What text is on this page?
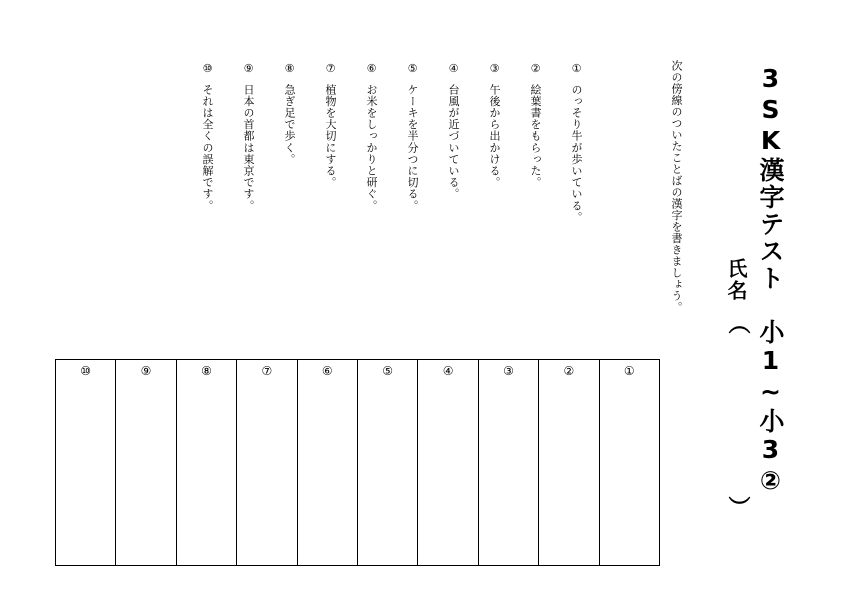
3SK漢字テスト　小1~小3②
氏名
（
）
次の傍線のついたことばの漢字を書きましょう。
①のっそり牛が歩いている。
②絵葉書をもらった。
③午後から出かける。
④台風が近づいている。
⑤ケーキを半分つに切る。
⑥お米をしっかりと研ぐ。
⑦植物を大切にする。
⑧急ぎ足で歩く。
⑨日本の首都は東京です。
⑩それは全くの誤解です。
①
②
③
④
⑤
⑥
⑦
⑧
⑨
⑩
